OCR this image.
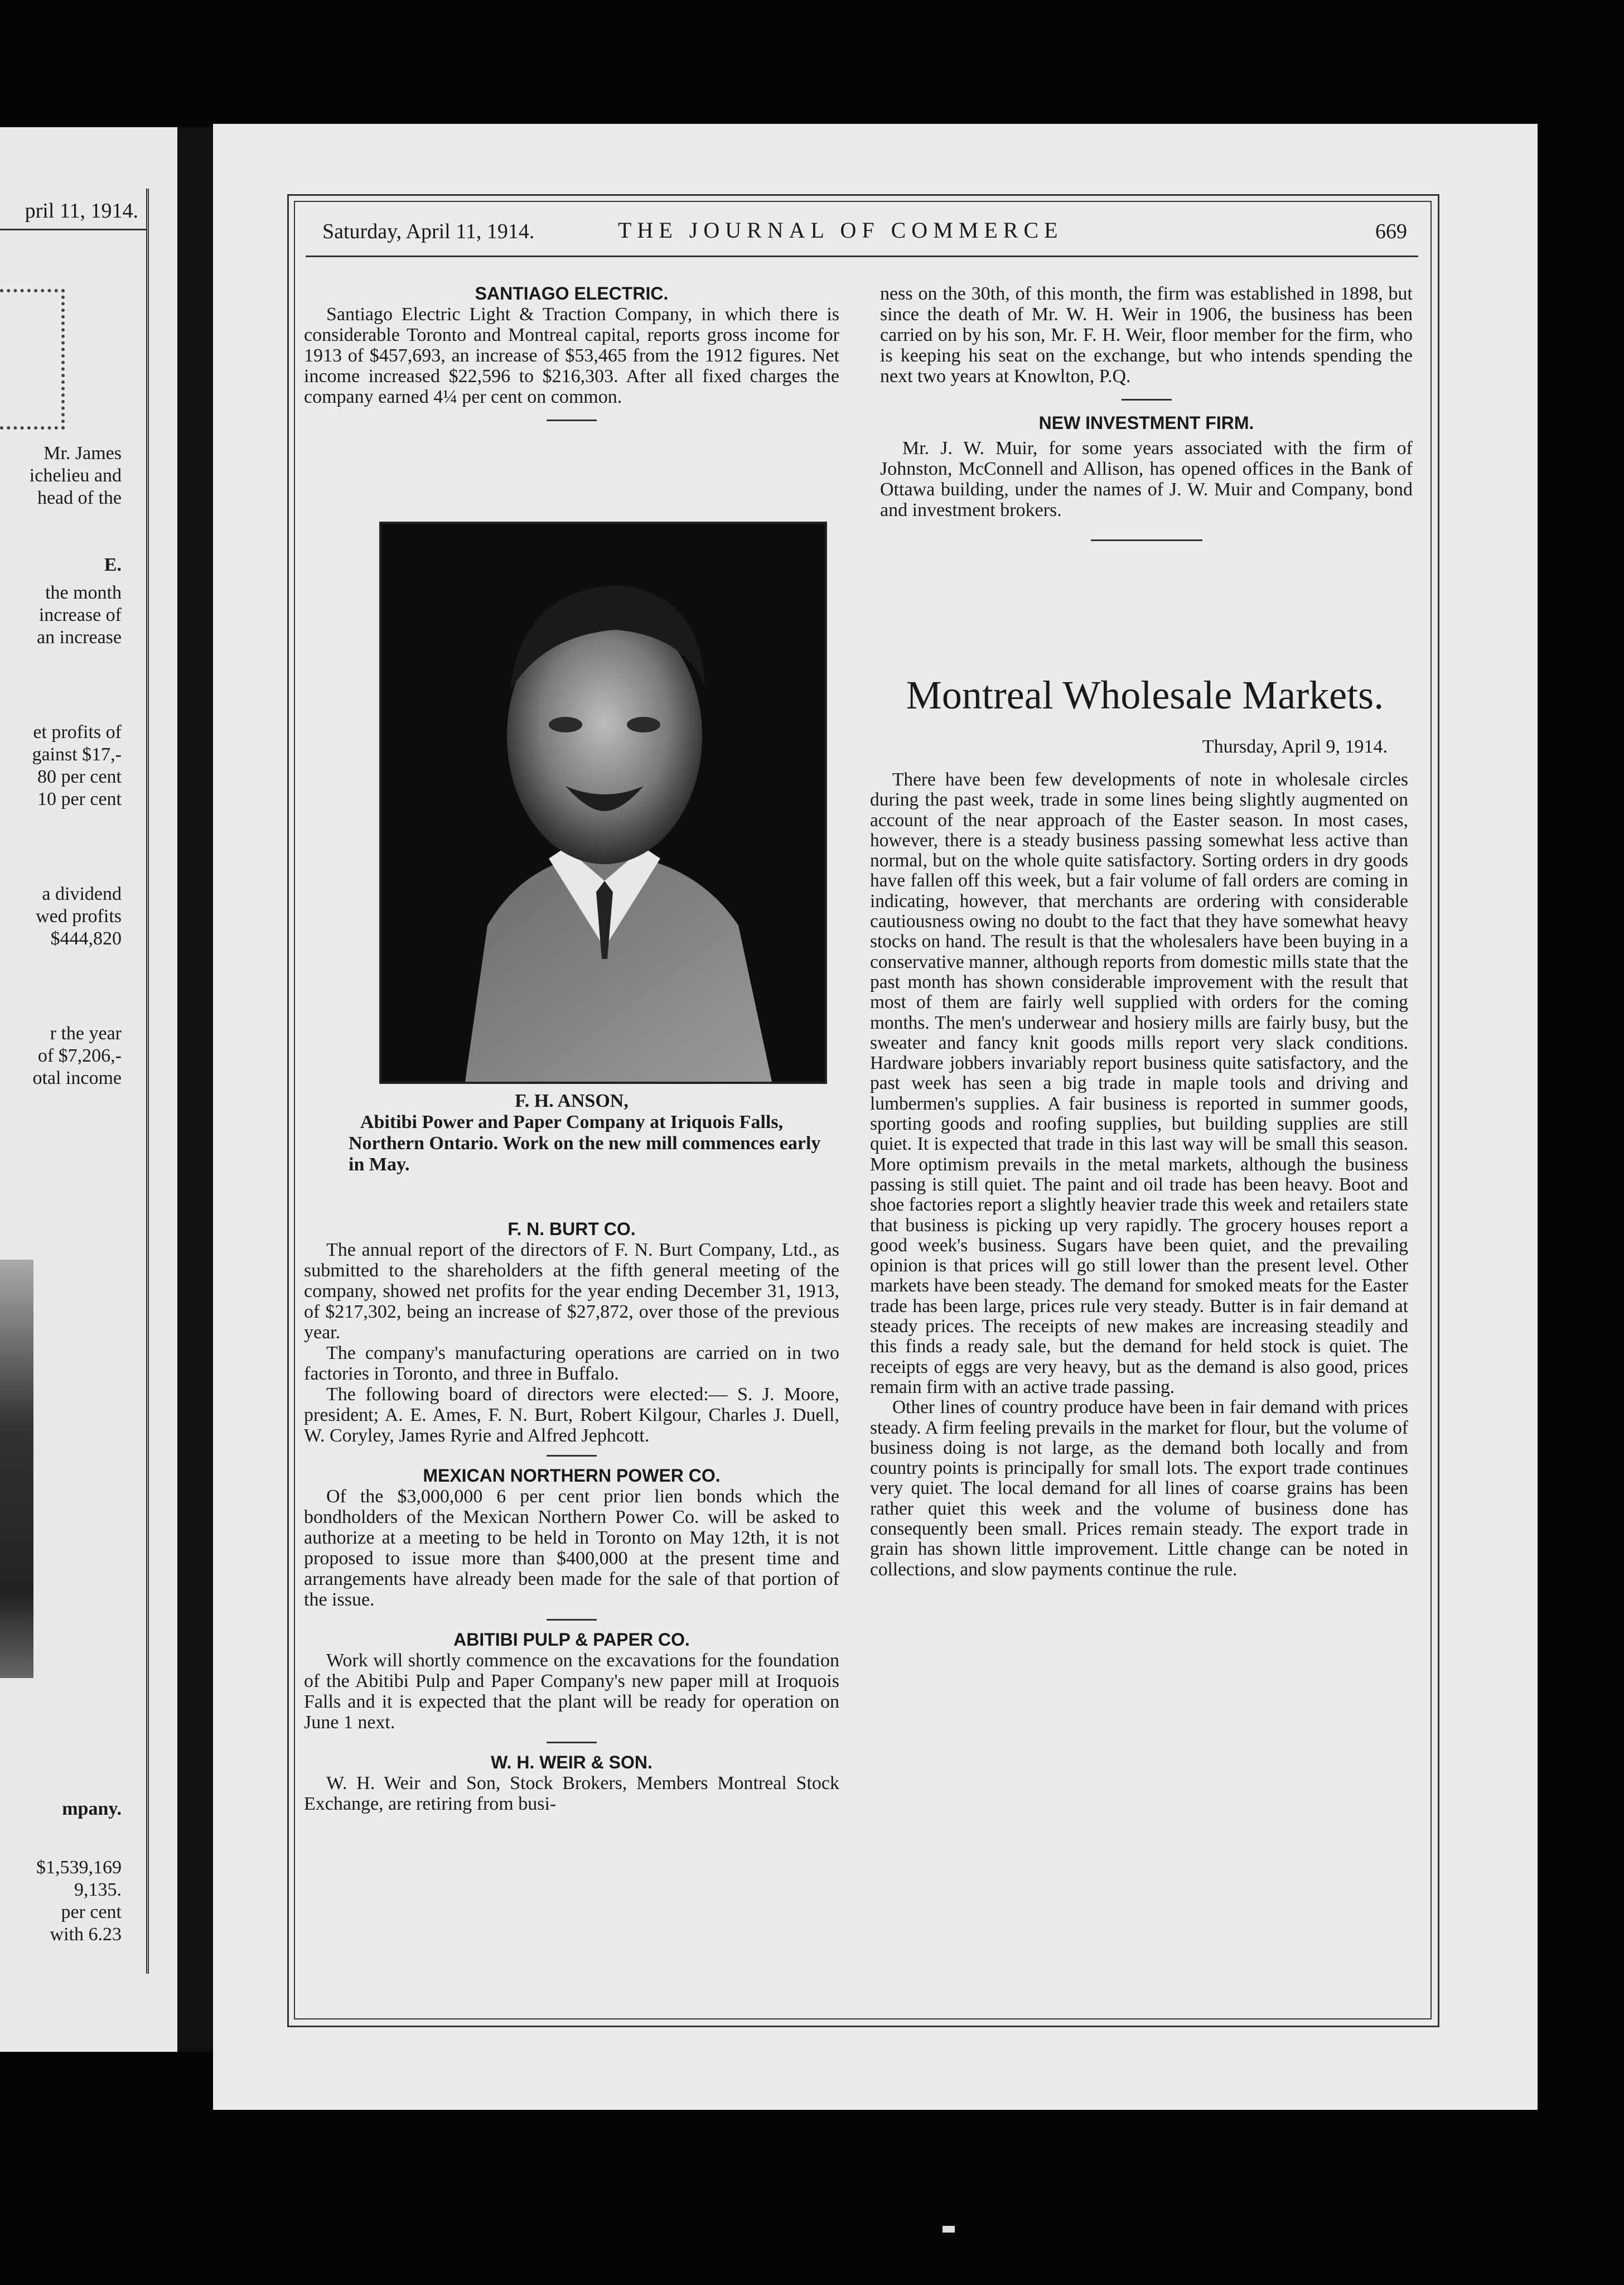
pril 11, 1914.
Mr. James
ichelieu and
head of the
E.
the month
increase of
an increase
et profits of
gainst $17,-
80 per cent
10 per cent
a dividend
wed profits
$444,820
r the year
of $7,206,-
otal income
mpany.
$1,539,169
9,135.
per cent
with 6.23
Saturday, April 11, 1914.	THE JOURNAL OF COMMERCE	669

SANTIAGO ELECTRIC.

Santiago Electric Light & Traction Company, in which there is considerable Toronto and Montreal capital, reports gross income for 1913 of $457,693, an increase of $53,465 from the 1912 figures. Net income increased $22,596 to $216,303. After all fixed charges the company earned 4¼ per cent on common.

F. H. ANSON,
Abitibi Power and Paper Company at Iriquois Falls,
Northern Ontario. Work on the new mill commences early in May.

F. N. BURT CO.

The annual report of the directors of F. N. Burt Company, Ltd., as submitted to the shareholders at the fifth general meeting of the company, showed net profits for the year ending December 31, 1913, of $217,302, being an increase of $27,872, over those of the previous year.

The company's manufacturing operations are carried on in two factories in Toronto, and three in Buffalo.

The following board of directors were elected:— S. J. Moore, president; A. E. Ames, F. N. Burt, Robert Kilgour, Charles J. Duell, W. Coryley, James Ryrie and Alfred Jephcott.

MEXICAN NORTHERN POWER CO.

Of the $3,000,000 6 per cent prior lien bonds which the bondholders of the Mexican Northern Power Co. will be asked to authorize at a meeting to be held in Toronto on May 12th, it is not proposed to issue more than $400,000 at the present time and arrangements have already been made for the sale of that portion of the issue.

ABITIBI PULP & PAPER CO.

Work will shortly commence on the excavations for the foundation of the Abitibi Pulp and Paper Company's new paper mill at Iroquois Falls and it is expected that the plant will be ready for operation on June 1 next.

W. H. WEIR & SON.

W. H. Weir and Son, Stock Brokers, Members Montreal Stock Exchange, are retiring from busi-

ness on the 30th, of this month, the firm was established in 1898, but since the death of Mr. W. H. Weir in 1906, the business has been carried on by his son, Mr. F. H. Weir, floor member for the firm, who is keeping his seat on the exchange, but who intends spending the next two years at Knowlton, P.Q.

NEW INVESTMENT FIRM.

Mr. J. W. Muir, for some years associated with the firm of Johnston, McConnell and Allison, has opened offices in the Bank of Ottawa building, under the names of J. W. Muir and Company, bond and investment brokers.

Montreal Wholesale Markets.
Thursday, April 9, 1914.

There have been few developments of note in wholesale circles during the past week, trade in some lines being slightly augmented on account of the near approach of the Easter season. In most cases, however, there is a steady business passing somewhat less active than normal, but on the whole quite satisfactory. Sorting orders in dry goods have fallen off this week, but a fair volume of fall orders are coming in indicating, however, that merchants are ordering with considerable cautiousness owing no doubt to the fact that they have somewhat heavy stocks on hand. The result is that the wholesalers have been buying in a conservative manner, although reports from domestic mills state that the past month has shown considerable improvement with the result that most of them are fairly well supplied with orders for the coming months. The men's underwear and hosiery mills are fairly busy, but the sweater and fancy knit goods mills report very slack conditions. Hardware jobbers invariably report business quite satisfactory, and the past week has seen a big trade in maple tools and driving and lumbermen's supplies. A fair business is reported in summer goods, sporting goods and roofing supplies, but building supplies are still quiet. It is expected that trade in this last way will be small this season. More optimism prevails in the metal markets, although the business passing is still quiet. The paint and oil trade has been heavy. Boot and shoe factories report a slightly heavier trade this week and retailers state that business is picking up very rapidly. The grocery houses report a good week's business. Sugars have been quiet, and the prevailing opinion is that prices will go still lower than the present level. Other markets have been steady. The demand for smoked meats for the Easter trade has been large, prices rule very steady. Butter is in fair demand at steady prices. The receipts of new makes are increasing steadily and this finds a ready sale, but the demand for held stock is quiet. The receipts of eggs are very heavy, but as the demand is also good, prices remain firm with an active trade passing.

Other lines of country produce have been in fair demand with prices steady. A firm feeling prevails in the market for flour, but the volume of business doing is not large, as the demand both locally and from country points is principally for small lots. The export trade continues very quiet. The local demand for all lines of coarse grains has been rather quiet this week and the volume of business done has consequently been small. Prices remain steady. The export trade in grain has shown little improvement. Little change can be noted in collections, and slow payments continue the rule.
